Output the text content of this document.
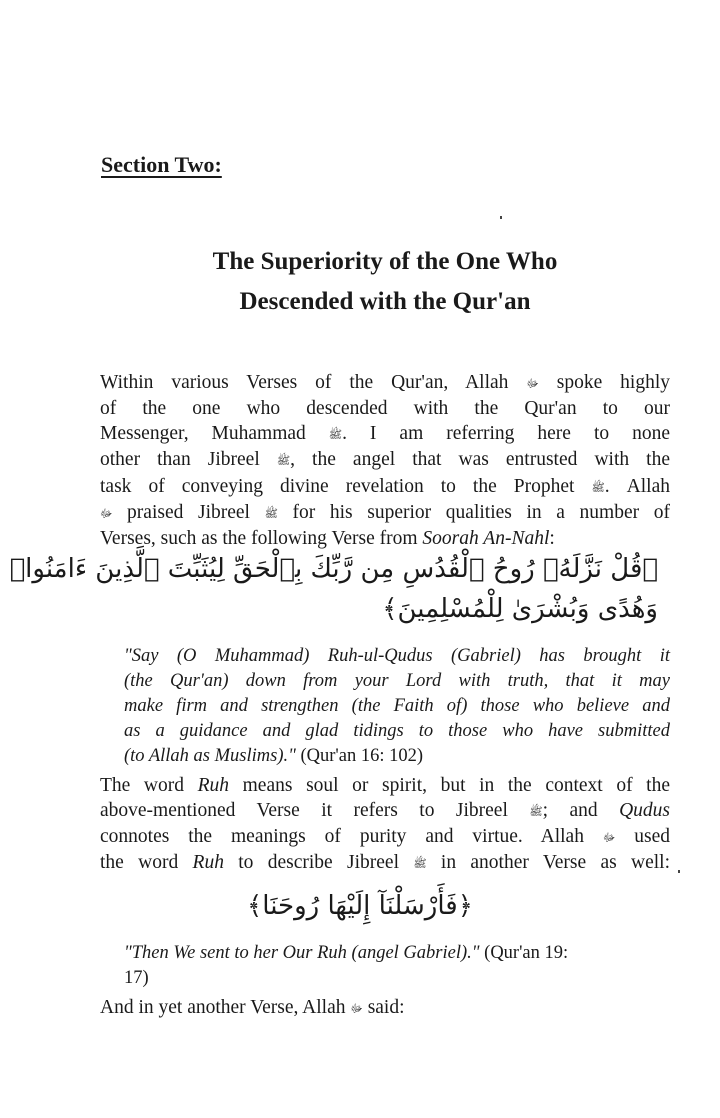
Section Two:
The Superiority of the One Who
Descended with the Qur'an
Within various Verses of the Qur'an, Allah ﷻ spoke highly
of the one who descended with the Qur'an to our
Messenger, Muhammad ﷺ. I am referring here to none
other than Jibreel ﷺ, the angel that was entrusted with the
task of conveying divine revelation to the Prophet ﷺ. Allah
ﷻ praised Jibreel ﷺ for his superior qualities in a number of
Verses, such as the following Verse from Soorah An-Nahl:

﴿قُلْ نَزَّلَهُۥ رُوحُ ٱلْقُدُسِ مِن رَّبِّكَ بِٱلْحَقِّ لِيُثَبِّتَ ٱلَّذِينَ ءَامَنُوا۟

وَهُدًى وَبُشْرَىٰ لِلْمُسْلِمِينَ﴾

"Say (O Muhammad) Ruh-ul-Qudus (Gabriel) has brought it
(the Qur'an) down from your Lord with truth, that it may
make firm and strengthen (the Faith of) those who believe and
as a guidance and glad tidings to those who have submitted
(to Allah as Muslims)." (Qur'an 16: 102)
The word Ruh means soul or spirit, but in the context of the
above-mentioned Verse it refers to Jibreel ﷺ; and Qudus
connotes the meanings of purity and virtue. Allah ﷻ used
the word Ruh to describe Jibreel ﷺ in another Verse as well:

﴿فَأَرْسَلْنَآ إِلَيْهَا رُوحَنَا﴾

"Then We sent to her Our Ruh (angel Gabriel)." (Qur'an 19:
17)
And in yet another Verse, Allah ﷻ said:
